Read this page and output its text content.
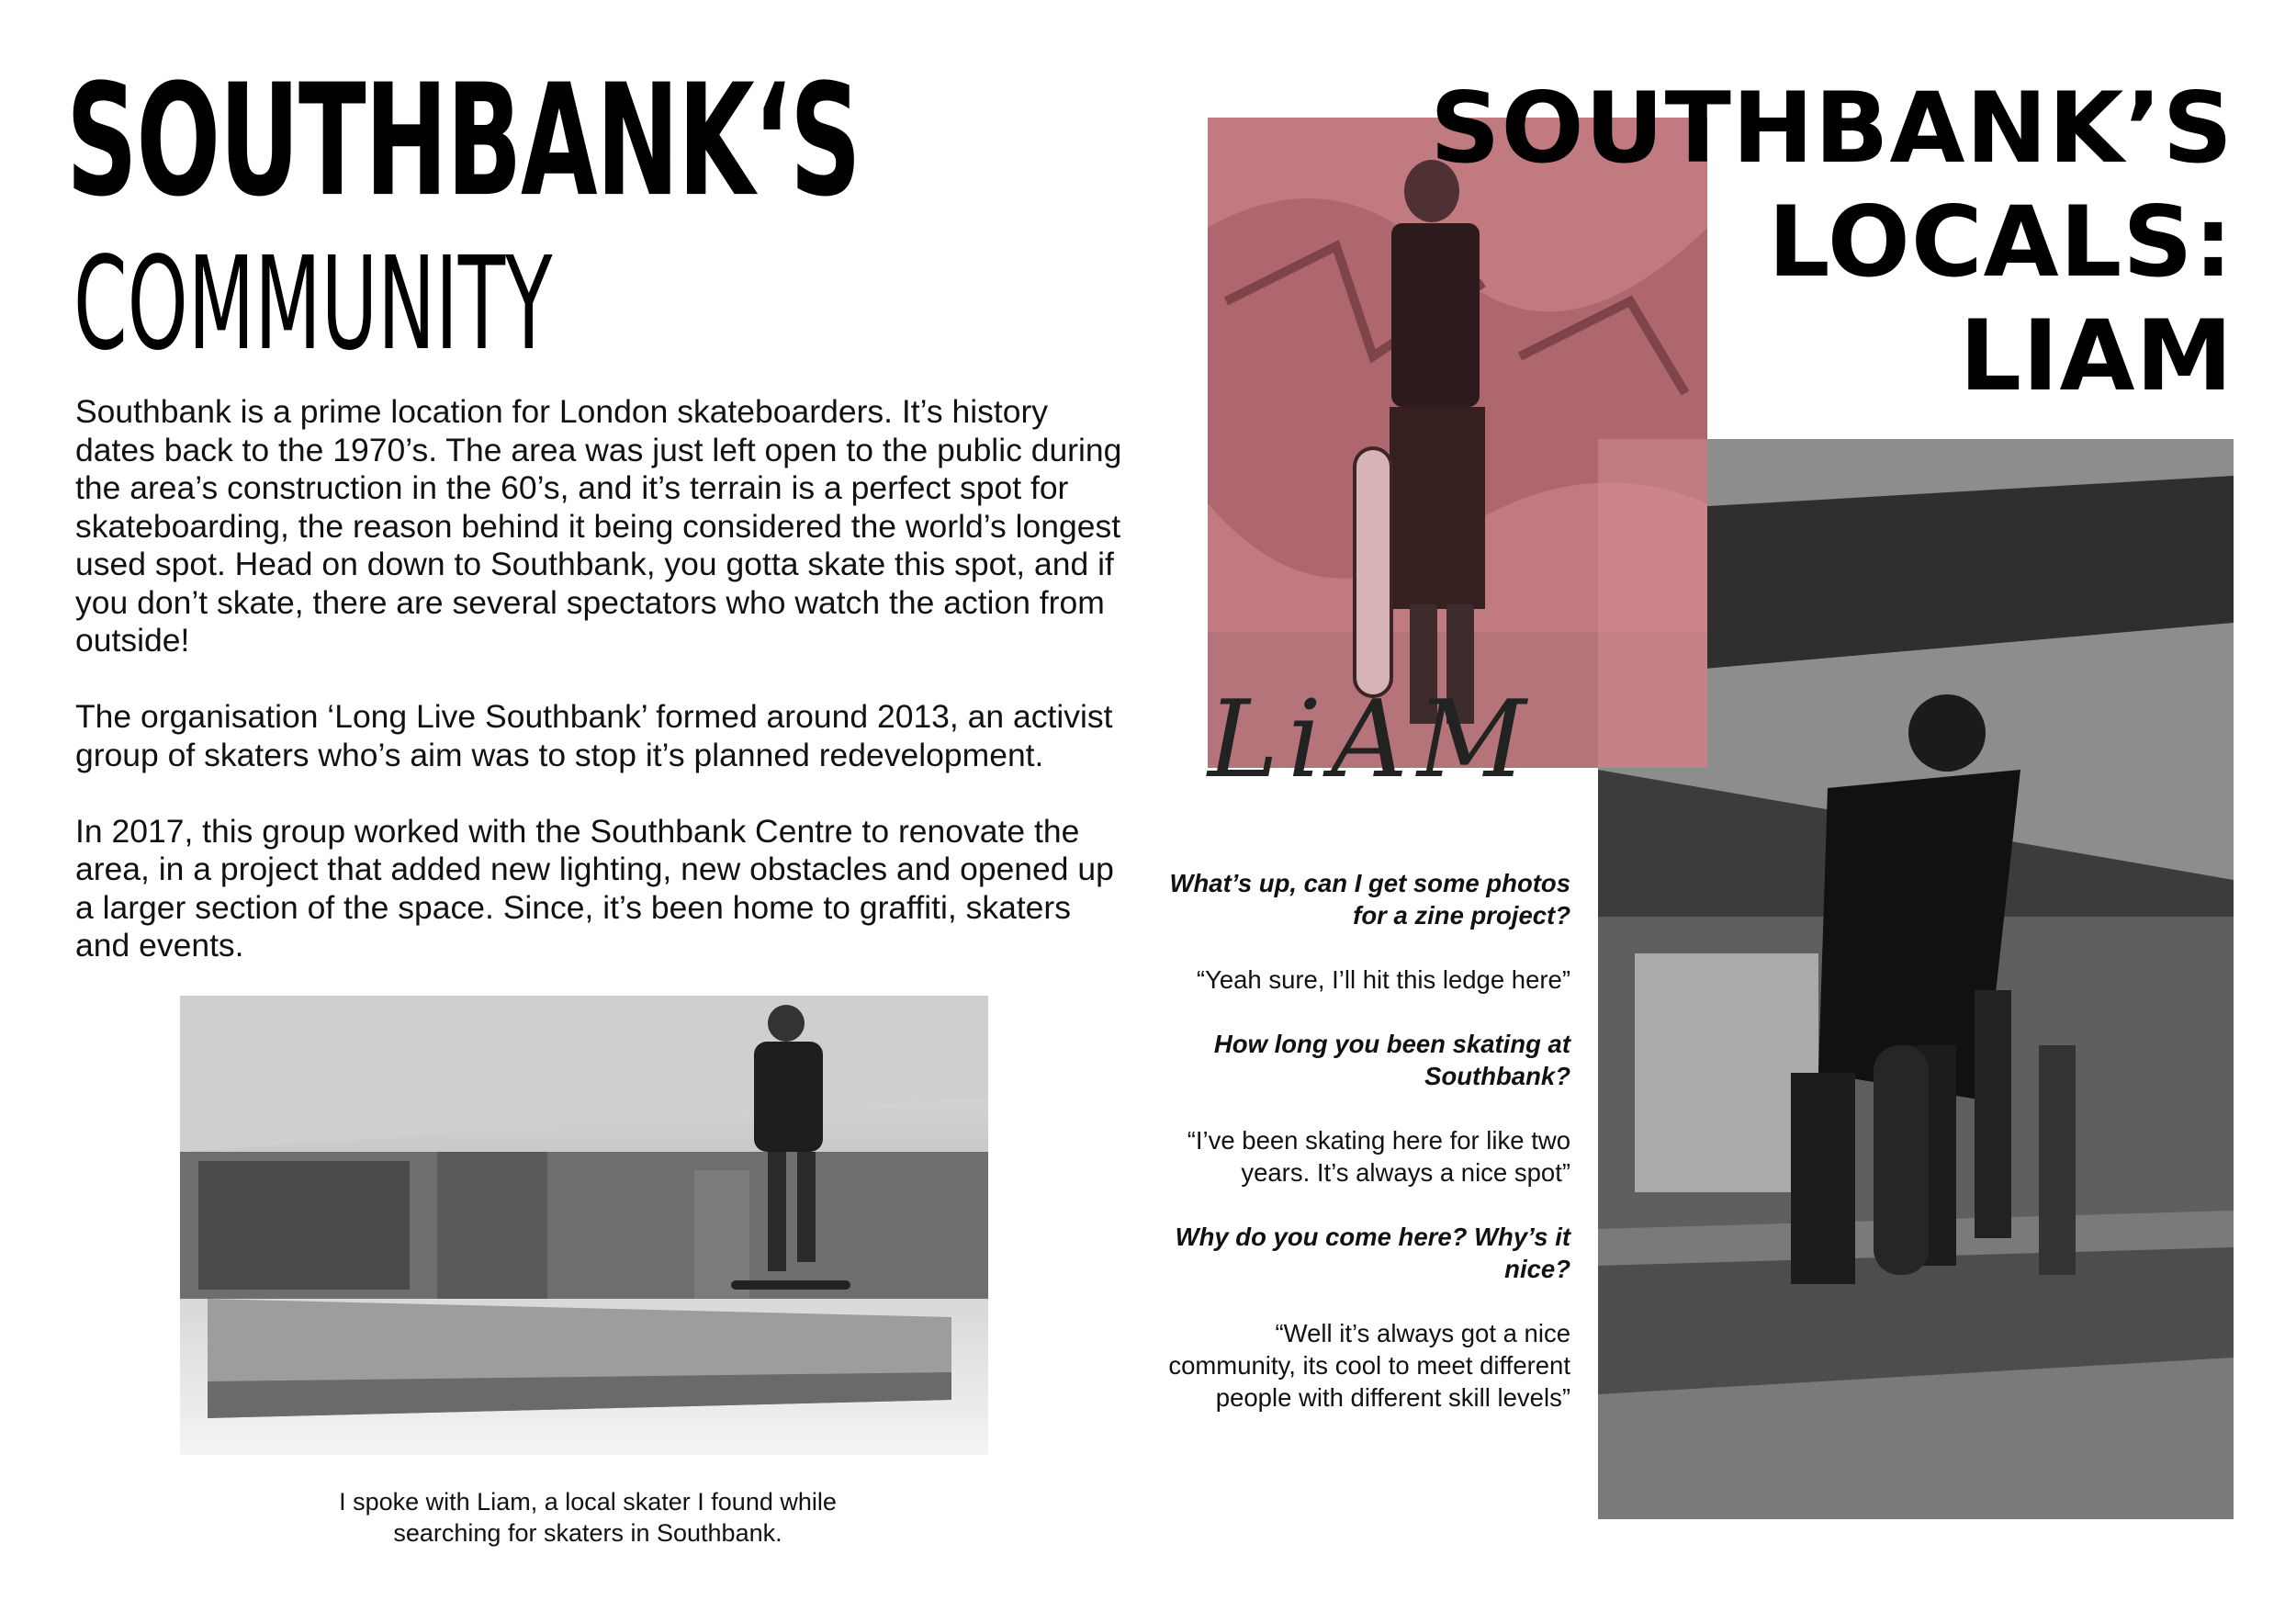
SOUTHBANK‘S
COMMUNITY

Southbank is a prime location for London skateboarders. It’s history dates back to the 1970’s. The area was just left open to the public during the area’s construction in the 60’s, and it’s terrain is a perfect spot for skateboarding, the reason behind it being considered the world’s longest used spot. Head on down to Southbank, you gotta skate this spot, and if you don’t skate, there are several spectators who watch the action from outside!

The organisation ‘Long Live Southbank’ formed around 2013, an activist group of skaters who’s aim was to stop it’s planned redevelopment.

In 2017, this group worked with the Southbank Centre to renovate the area, in a project that added new lighting, new obstacles and opened up a larger section of the space. Since, it’s been home to graffiti, skaters and events.

I spoke with Liam, a local skater I found while searching for skaters in Southbank.
SOUTHBANK’S
LOCALS:
LIAM
LiAM
What’s up, can I get some photos for a zine project?
“Yeah sure, I’ll hit this ledge here”
How long you been skating at Southbank?
“I’ve been skating here for like two years. It’s always a nice spot”
Why do you come here? Why’s it nice?
“Well it’s always got a nice community, its cool to meet different people with different skill levels”
